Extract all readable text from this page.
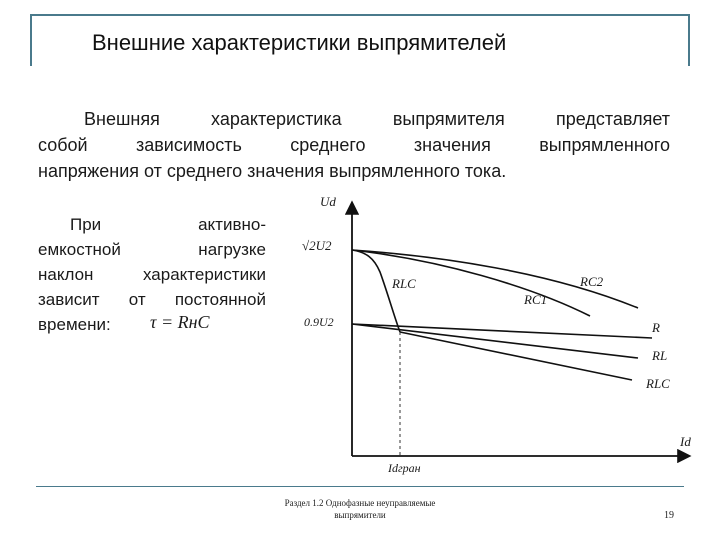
Внешние характеристики выпрямителей
Внешняя характеристика выпрямителя представляет
собой зависимость среднего значения выпрямленного
напряжения от среднего значения выпрямленного тока.
При активно-
емкостной нагрузке
наклон характеристики
зависит от постоянной
времени:	τ = RнC
Ud
Id
√2U2
0.9U2
Idгран
RLC	RC2
RC1
R
RL
RLC
Раздел 1.2 Однофазные неуправляемые
выпрямители	19
